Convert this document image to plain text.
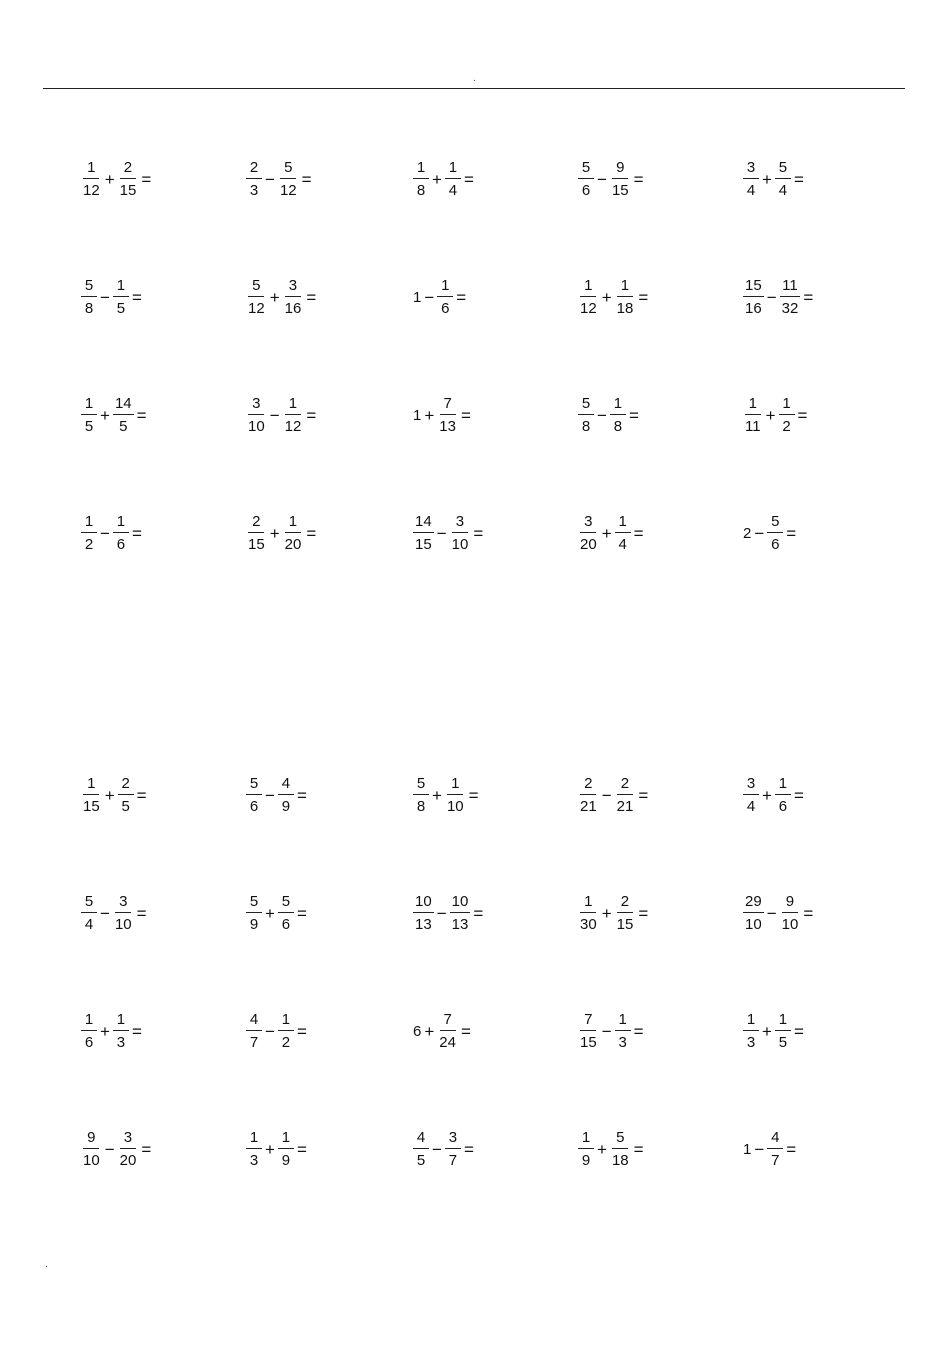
.
.
$\frac{1}{12} + \frac{2}{15}$ =	$\frac{2}{3} - \frac{5}{12}$ =	$\frac{1}{8} + \frac{1}{4}$ =	$\frac{5}{6} - \frac{9}{15}$ =	$\frac{3}{4} + \frac{5}{4}$ =
$\frac{5}{8} - \frac{1}{5}$ =	$\frac{5}{12} + \frac{3}{16}$ =	$1 - \frac{1}{6}$ =	$\frac{1}{12} + \frac{1}{18}$ =	$\frac{15}{16} - \frac{11}{32}$ =
$\frac{1}{5} + \frac{14}{5}$ =	$\frac{3}{10} - \frac{1}{12}$ =	$1 + \frac{7}{13}$ =	$\frac{5}{8} - \frac{1}{8}$ =	$\frac{1}{11} + \frac{1}{2}$ =
$\frac{1}{2} - \frac{1}{6}$ =	$\frac{2}{15} + \frac{1}{20}$ =	$\frac{14}{15} - \frac{3}{10}$ =	$\frac{3}{20} + \frac{1}{4}$ =	$2 - \frac{5}{6}$ =
$\frac{1}{15} + \frac{2}{5}$ =	$\frac{5}{6} - \frac{4}{9}$ =	$\frac{5}{8} + \frac{1}{10}$ =	$\frac{2}{21} - \frac{2}{21}$ =	$\frac{3}{4} + \frac{1}{6}$ =
$\frac{5}{4} - \frac{3}{10}$ =	$\frac{5}{9} + \frac{5}{6}$ =	$\frac{10}{13} - \frac{10}{13}$ =	$\frac{1}{30} + \frac{2}{15}$ =	$\frac{29}{10} - \frac{9}{10}$ =
$\frac{1}{6} + \frac{1}{3}$ =	$\frac{4}{7} - \frac{1}{2}$ =	$6 + \frac{7}{24}$ =	$\frac{7}{15} - \frac{1}{3}$ =	$\frac{1}{3} + \frac{1}{5}$ =
$\frac{9}{10} - \frac{3}{20}$ =	$\frac{1}{3} + \frac{1}{9}$ =	$\frac{4}{5} - \frac{3}{7}$ =	$\frac{1}{9} + \frac{5}{18}$ =	$1 - \frac{4}{7}$ =
